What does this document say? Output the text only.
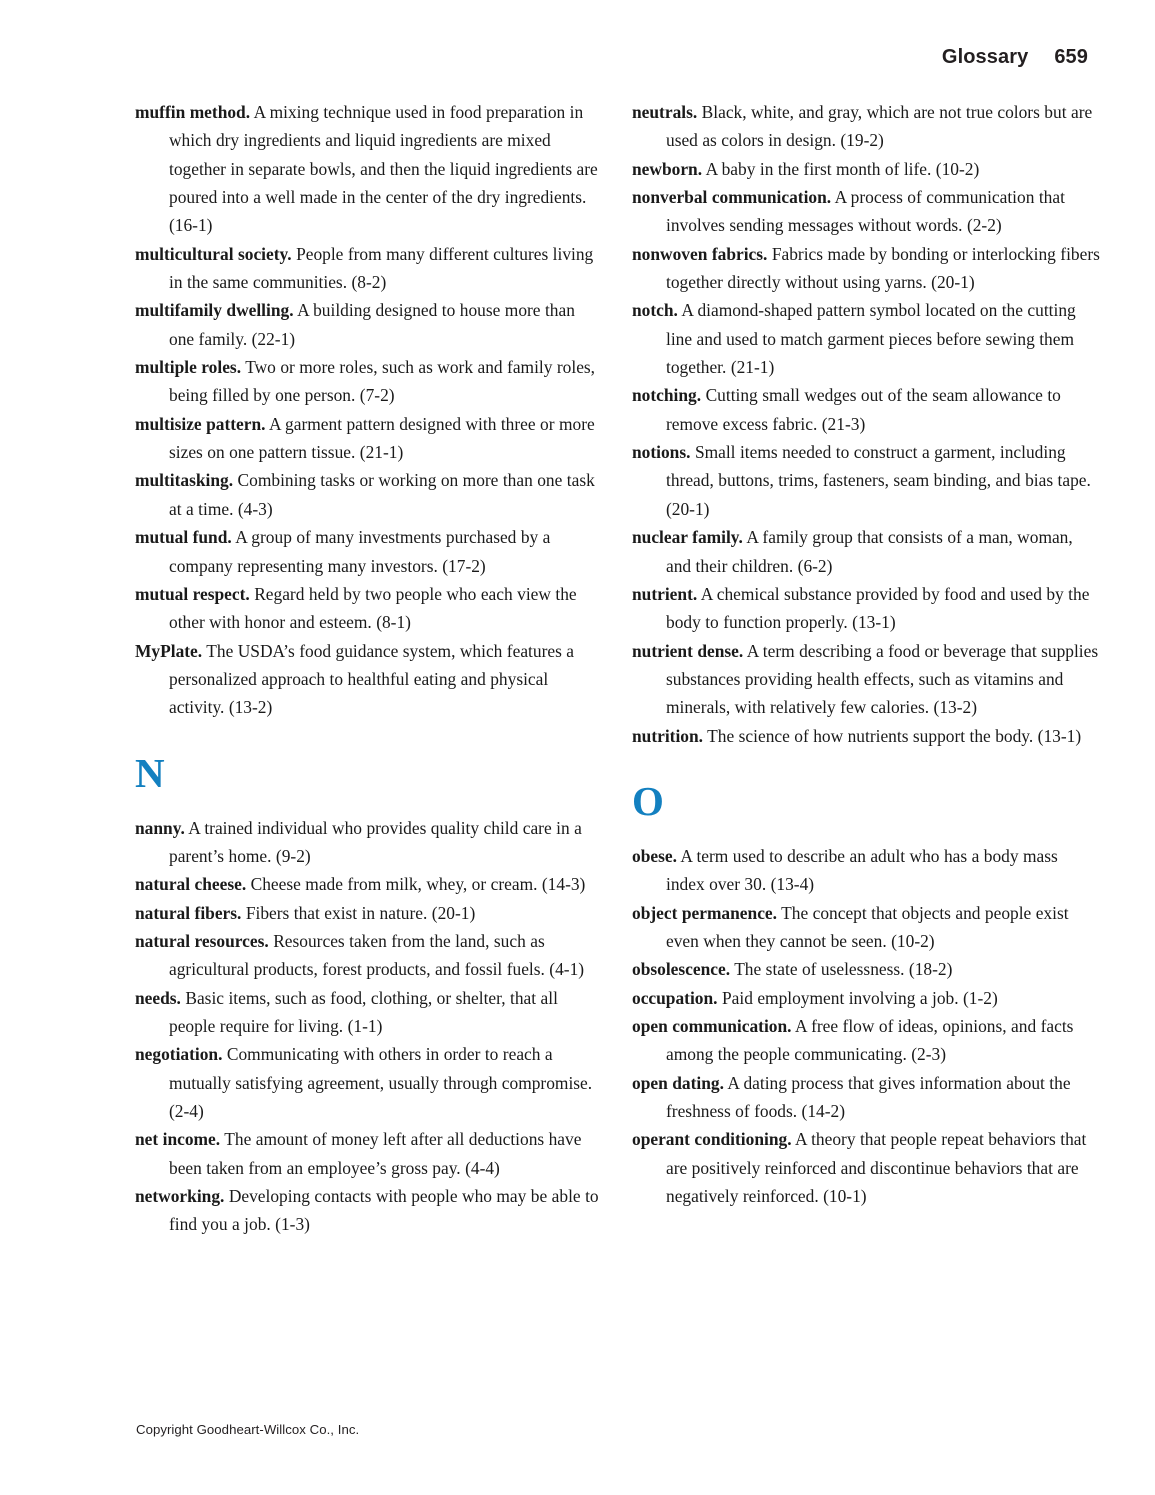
Glossary 659

muffin method. A mixing technique used in food preparation in which dry ingredients and liquid ingredients are mixed together in separate bowls, and then the liquid ingredients are poured into a well made in the center of the dry ingredients. (16-1)

multicultural society. People from many different cultures living in the same communities. (8-2)

multifamily dwelling. A building designed to house more than one family. (22-1)

multiple roles. Two or more roles, such as work and family roles, being filled by one person. (7-2)

multisize pattern. A garment pattern designed with three or more sizes on one pattern tissue. (21-1)

multitasking. Combining tasks or working on more than one task at a time. (4-3)

mutual fund. A group of many investments purchased by a company representing many investors. (17-2)

mutual respect. Regard held by two people who each view the other with honor and esteem. (8-1)

MyPlate. The USDA’s food guidance system, which features a personalized approach to healthful eating and physical activity. (13-2)

N

nanny. A trained individual who provides quality child care in a parent’s home. (9-2)

natural cheese. Cheese made from milk, whey, or cream. (14-3)

natural fibers. Fibers that exist in nature. (20-1)

natural resources. Resources taken from the land, such as agricultural products, forest products, and fossil fuels. (4-1)

needs. Basic items, such as food, clothing, or shelter, that all people require for living. (1-1)

negotiation. Communicating with others in order to reach a mutually satisfying agreement, usually through compromise. (2-4)

net income. The amount of money left after all deductions have been taken from an employee’s gross pay. (4-4)

networking. Developing contacts with people who may be able to find you a job. (1-3)

neutrals. Black, white, and gray, which are not true colors but are used as colors in design. (19-2)

newborn. A baby in the first month of life. (10-2)

nonverbal communication. A process of communication that involves sending messages without words. (2-2)

nonwoven fabrics. Fabrics made by bonding or interlocking fibers together directly without using yarns. (20-1)

notch. A diamond-shaped pattern symbol located on the cutting line and used to match garment pieces before sewing them together. (21-1)

notching. Cutting small wedges out of the seam allowance to remove excess fabric. (21-3)

notions. Small items needed to construct a garment, including thread, buttons, trims, fasteners, seam binding, and bias tape. (20-1)

nuclear family. A family group that consists of a man, woman, and their children. (6-2)

nutrient. A chemical substance provided by food and used by the body to function properly. (13-1)

nutrient dense. A term describing a food or beverage that supplies substances providing health effects, such as vitamins and minerals, with relatively few calories. (13-2)

nutrition. The science of how nutrients support the body. (13-1)

O

obese. A term used to describe an adult who has a body mass index over 30. (13-4)

object permanence. The concept that objects and people exist even when they cannot be seen. (10-2)

obsolescence. The state of uselessness. (18-2)

occupation. Paid employment involving a job. (1-2)

open communication. A free flow of ideas, opinions, and facts among the people communicating. (2-3)

open dating. A dating process that gives information about the freshness of foods. (14-2)

operant conditioning. A theory that people repeat behaviors that are positively reinforced and discontinue behaviors that are negatively reinforced. (10-1)

Copyright Goodheart-Willcox Co., Inc.
